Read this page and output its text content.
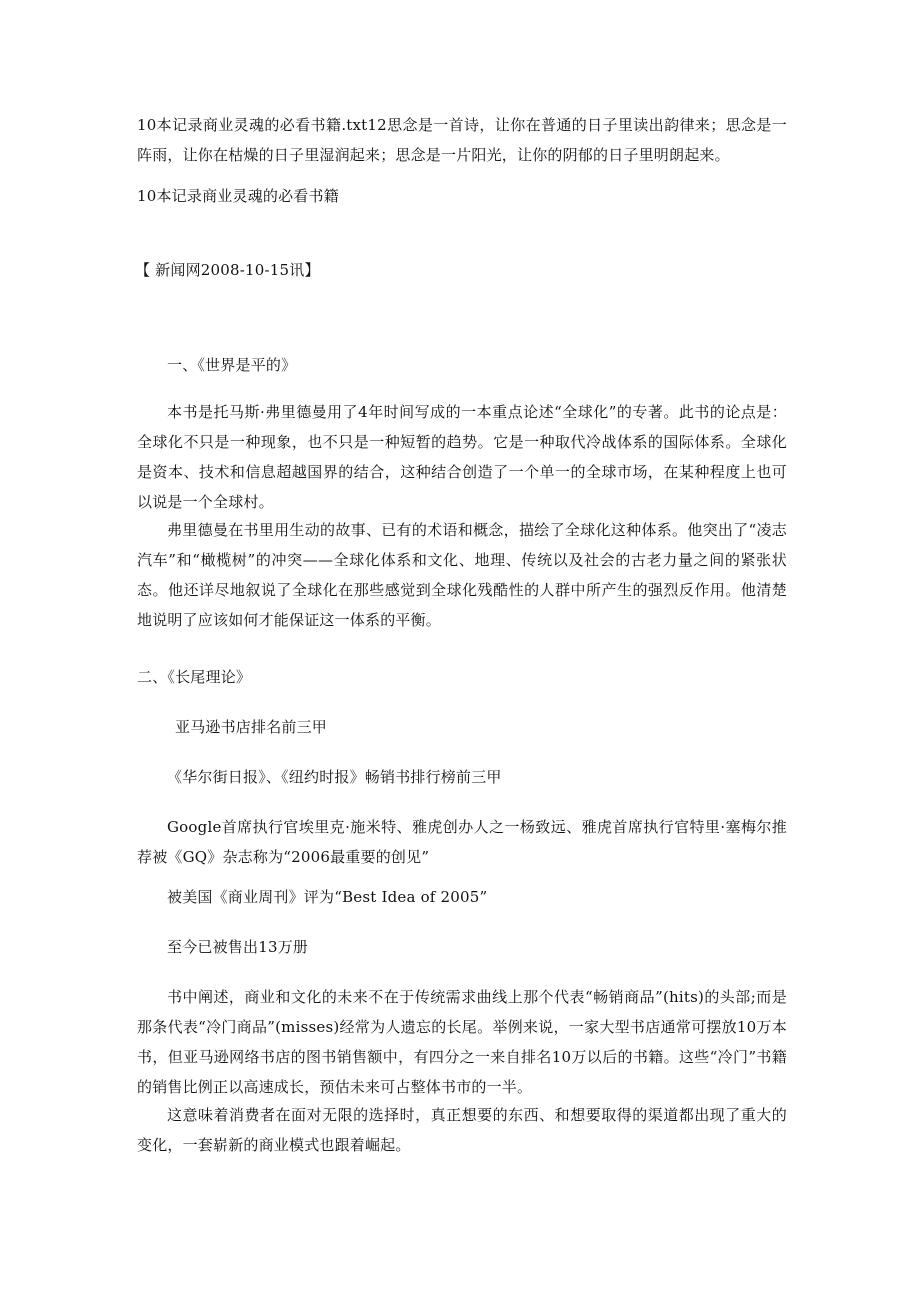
10本记录商业灵魂的必看书籍.txt12思念是一首诗，让你在普通的日子里读出韵律来；思念是一阵雨，让你在枯燥的日子里湿润起来；思念是一片阳光，让你的阴郁的日子里明朗起来。
10本记录商业灵魂的必看书籍
【 新闻网2008-10-15讯】
一、《世界是平的》
本书是托马斯·弗里德曼用了4年时间写成的一本重点论述“全球化”的专著。此书的论点是：全球化不只是一种现象，也不只是一种短暂的趋势。它是一种取代冷战体系的国际体系。全球化是资本、技术和信息超越国界的结合，这种结合创造了一个单一的全球市场，在某种程度上也可以说是一个全球村。
弗里德曼在书里用生动的故事、已有的术语和概念，描绘了全球化这种体系。他突出了“凌志汽车”和“橄榄树”的冲突——全球化体系和文化、地理、传统以及社会的古老力量之间的紧张状态。他还详尽地叙说了全球化在那些感觉到全球化残酷性的人群中所产生的强烈反作用。他清楚地说明了应该如何才能保证这一体系的平衡。
二、《长尾理论》
亚马逊书店排名前三甲
《华尔街日报》、《纽约时报》畅销书排行榜前三甲
Google首席执行官埃里克·施米特、雅虎创办人之一杨致远、雅虎首席执行官特里·塞梅尔推荐被《GQ》杂志称为“2006最重要的创见”
被美国《商业周刊》评为“Best Idea of 2005”
至今已被售出13万册
书中阐述，商业和文化的未来不在于传统需求曲线上那个代表“畅销商品”(hits)的头部;而是那条代表“冷门商品”(misses)经常为人遗忘的长尾。举例来说，一家大型书店通常可摆放10万本书，但亚马逊网络书店的图书销售额中，有四分之一来自排名10万以后的书籍。这些“冷门”书籍的销售比例正以高速成长，预估未来可占整体书市的一半。
这意味着消费者在面对无限的选择时，真正想要的东西、和想要取得的渠道都出现了重大的变化，一套崭新的商业模式也跟着崛起。
